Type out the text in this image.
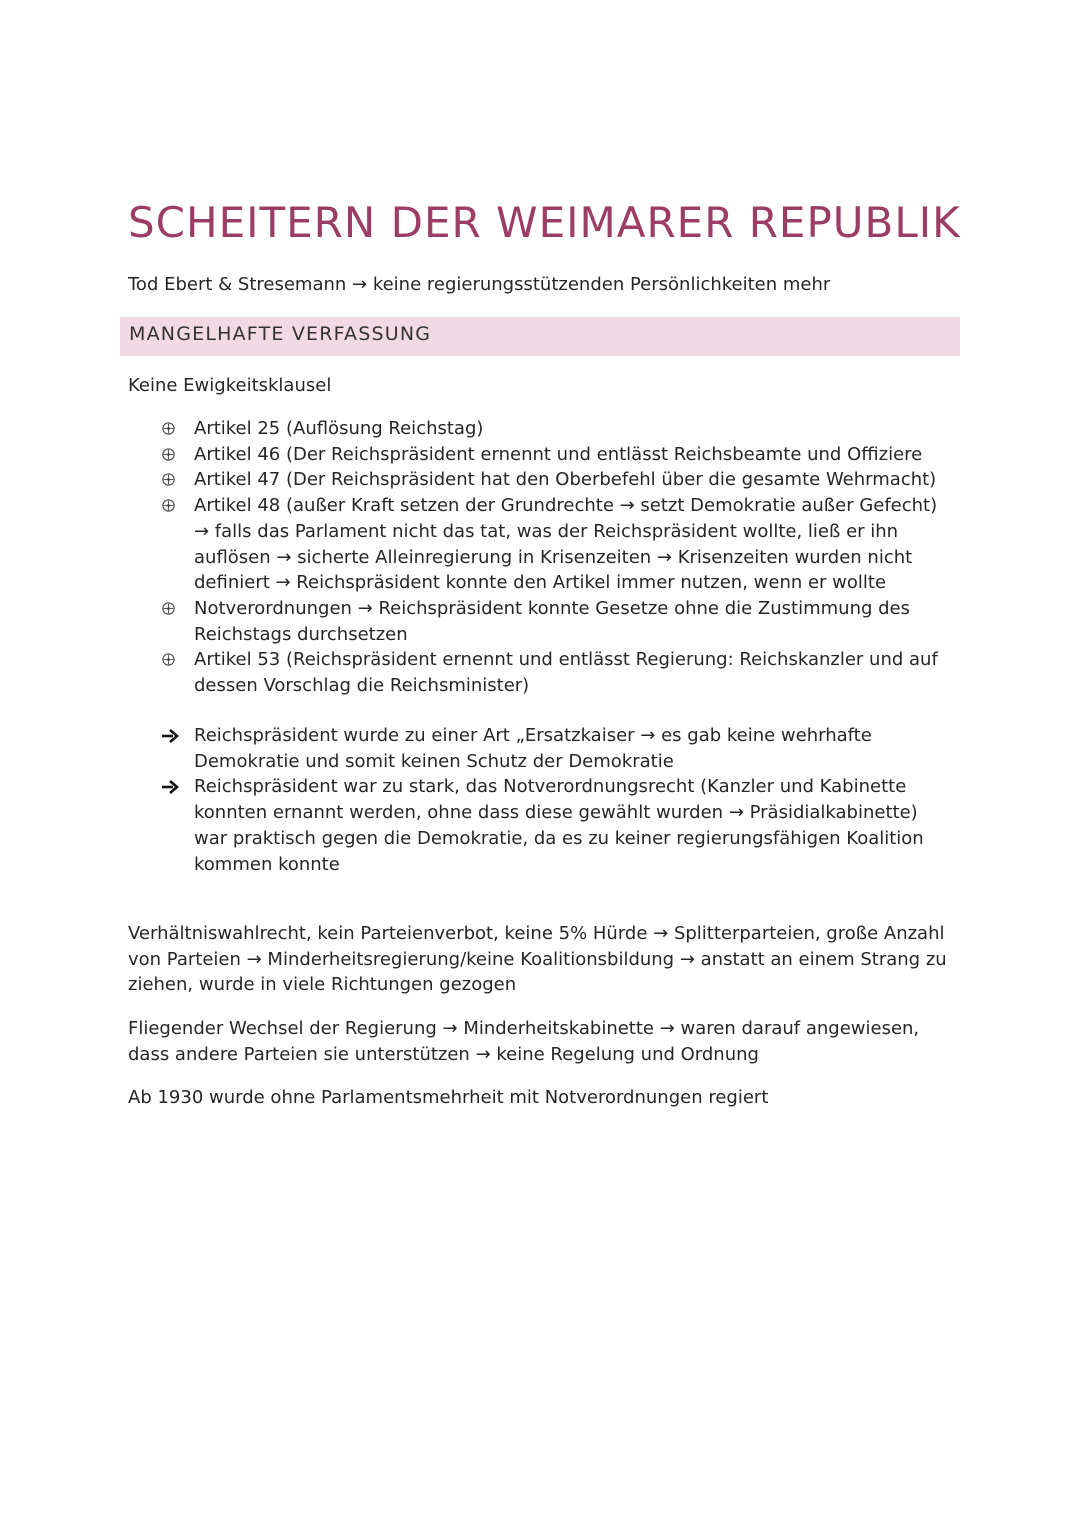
SCHEITERN DER WEIMARER REPUBLIK
Tod Ebert & Stresemann → keine regierungsstützenden Persönlichkeiten mehr
MANGELHAFTE VERFASSUNG

Keine Ewigkeitsklausel

Artikel 25 (Auflösung Reichstag)
Artikel 46 (Der Reichspräsident ernennt und entlässt Reichsbeamte und Offiziere
Artikel 47 (Der Reichspräsident hat den Oberbefehl über die gesamte Wehrmacht)
Artikel 48 (außer Kraft setzen der Grundrechte → setzt Demokratie außer Gefecht) → falls das Parlament nicht das tat, was der Reichspräsident wollte, ließ er ihn auflösen → sicherte Alleinregierung in Krisenzeiten → Krisenzeiten wurden nicht definiert → Reichspräsident konnte den Artikel immer nutzen, wenn er wollte
Notverordnungen → Reichspräsident konnte Gesetze ohne die Zustimmung des Reichstags durchsetzen
Artikel 53 (Reichspräsident ernennt und entlässt Regierung: Reichskanzler und auf dessen Vorschlag die Reichsminister)
Reichspräsident wurde zu einer Art „Ersatzkaiser → es gab keine wehrhafte Demokratie und somit keinen Schutz der Demokratie
Reichspräsident war zu stark, das Notverordnungsrecht (Kanzler und Kabinette konnten ernannt werden, ohne dass diese gewählt wurden → Präsidialkabinette) war praktisch gegen die Demokratie, da es zu keiner regierungsfähigen Koalition kommen konnte

Verhältniswahlrecht, kein Parteienverbot, keine 5% Hürde → Splitterparteien, große Anzahl von Parteien → Minderheitsregierung/keine Koalitionsbildung → anstatt an einem Strang zu ziehen, wurde in viele Richtungen gezogen

Fliegender Wechsel der Regierung → Minderheitskabinette → waren darauf angewiesen, dass andere Parteien sie unterstützen → keine Regelung und Ordnung

Ab 1930 wurde ohne Parlamentsmehrheit mit Notverordnungen regiert
